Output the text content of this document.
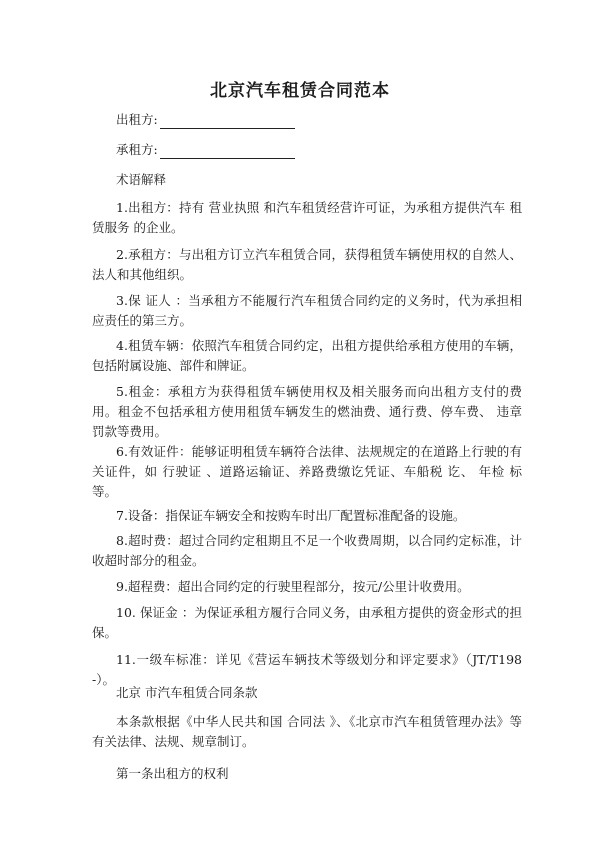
北京汽车租赁合同范本
出租方:
承租方:
术语解释
1.出租方：持有 营业执照 和汽车租赁经营许可证，为承租方提供汽车 租赁服务 的企业。
2.承租方：与出租方订立汽车租赁合同，获得租赁车辆使用权的自然人、法人和其他组织。
3.保 证人 ：当承租方不能履行汽车租赁合同约定的义务时，代为承担相应责任的第三方。
4.租赁车辆：依照汽车租赁合同约定，出租方提供给承租方使用的车辆，包括附属设施、部件和牌证。
5.租金：承租方为获得租赁车辆使用权及相关服务而向出租方支付的费用。租金不包括承租方使用租赁车辆发生的燃油费、通行费、停车费、 违章 罚款等费用。
6.有效证件：能够证明租赁车辆符合法律、法规规定的在道路上行驶的有关证件，如 行驶证 、道路运输证、养路费缴讫凭证、车船税 讫、 年检 标等。
7.设备：指保证车辆安全和按购车时出厂配置标准配备的设施。
8.超时费：超过合同约定租期且不足一个收费周期，以合同约定标准，计收超时部分的租金。
9.超程费：超出合同约定的行驶里程部分，按元/公里计收费用。
10. 保证金 ：为保证承租方履行合同义务，由承租方提供的资金形式的担保。
11.一级车标准：详见《营运车辆技术等级划分和评定要求》（JT/T198-）。
北京 市汽车租赁合同条款
本条款根据《中华人民共和国 合同法 》、《北京市汽车租赁管理办法》等有关法律、法规、规章制订。
第一条出租方的权利
